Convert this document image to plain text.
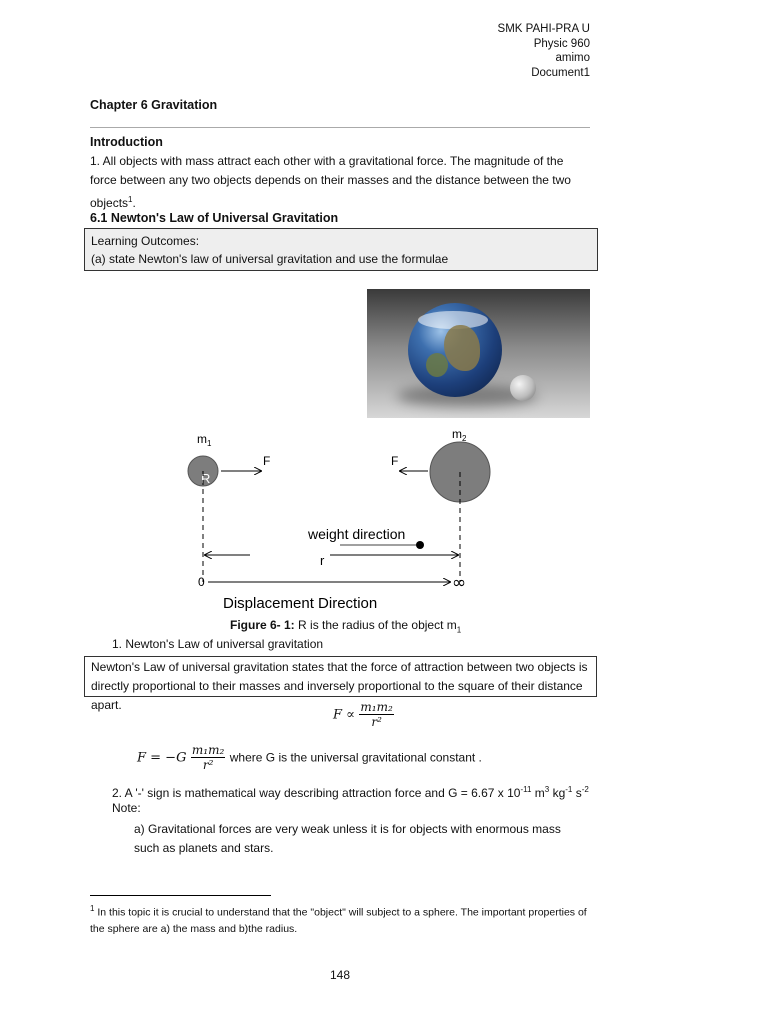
SMK PAHI-PRA U
Physic 960
amimo
Document1
Chapter 6 Gravitation
Introduction
1. All objects with mass attract each other with a gravitational force. The magnitude of the force between any two objects depends on their masses and the distance between the two objects$^1$.
6.1 Newton's Law of Universal Gravitation
Learning Outcomes:
(a) state Newton's law of universal gravitation and use the formulae
$m_1$
R
F
$m_2$
F
weight direction
r
0	∞
Displacement Direction
Figure 6- 1: R is the radius of the object $m_1$
1. Newton's Law of universal gravitation
Newton's Law of universal gravitation states that the force of attraction between two objects is directly proportional to their masses and inversely proportional to the square of their distance apart.
$F \propto \frac{\text{m₁m₂}}{\text{r²}}$
$F = -G \frac{\text{m₁m₂}}{\text{r²}}$ where G is the universal gravitational constant .
2. A '-' sign is mathematical way describing attraction force and G = 6.67 x $10^{-11}$ $m^3$ $kg^{-1}$ $s^{-2}$
Note:
a) Gravitational forces are very weak unless it is for objects with enormous mass such as planets and stars.
$^1$ In this topic it is crucial to understand that the "object" will subject to a sphere. The important properties of the sphere are a) the mass and b)the radius.
148
